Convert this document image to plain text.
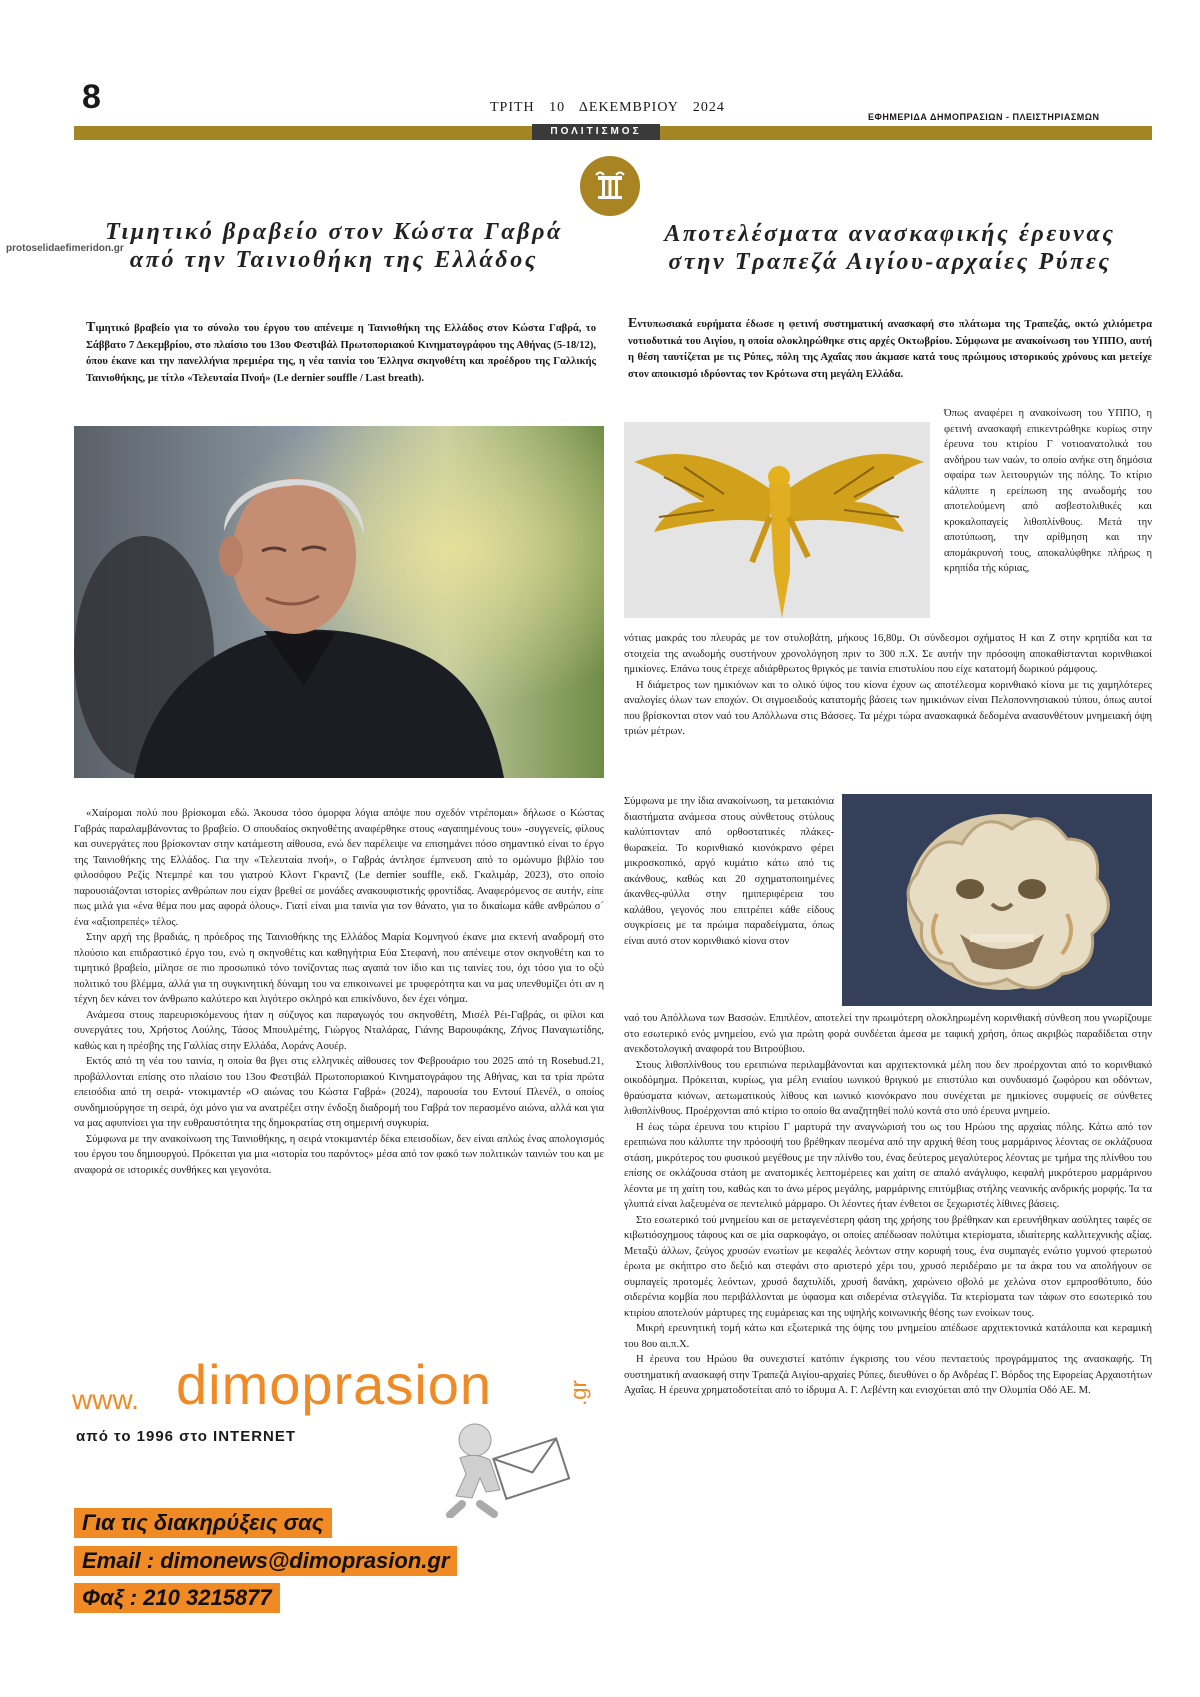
8	ΤΡΙΤΗ 10 ΔΕΚΕΜΒΡΙΟΥ 2024
ΕΦΗΜΕΡΙΔΑ ΔΗΜΟΠΡΑΣΙΩΝ - ΠΛΕΙΣΤΗΡΙΑΣΜΩΝ
ΠΟΛΙΤΙΣΜΟΣ
protoselidaefimeridon.gr
Τιμητικό βραβείο στον Κώστα Γαβρά
από την Ταινιοθήκη της Ελλάδος
Αποτελέσματα ανασκαφικής έρευνας
στην Τραπεζά Αιγίου-αρχαίες Ρύπες
Τιμητικό βραβείο για το σύνολο του έργου του απένειμε η Ταινιοθήκη της Ελλάδος στον Κώστα Γαβρά, το Σάββατο 7 Δεκεμβρίου, στο πλαίσιο του 13ου Φεστιβάλ Πρωτοποριακού Κινηματογράφου της Αθήνας (5-18/12), όπου έκανε και την πανελλήνια πρεμιέρα της, η νέα ταινία του Έλληνα σκηνοθέτη και προέδρου της Γαλλικής Ταινιοθήκης, με τίτλο «Τελευταία Πνοή» (Le dernier souffle / Last breath).

«Χαίρομαι πολύ που βρίσκομαι εδώ. Άκουσα τόσο όμορφα λόγια απόψε που σχεδόν ντρέπομαι» δήλωσε ο Κώστας Γαβράς παραλαμβάνοντας το βραβείο. Ο σπουδαίος σκηνοθέτης αναφέρθηκε στους «αγαπημένους του» -συγγενείς, φίλους και συνεργάτες που βρίσκονταν στην κατάμεστη αίθουσα, ενώ δεν παρέλειψε να επισημάνει πόσο σημαντικό είναι το έργο της Ταινιοθήκης της Ελλάδος. Για την «Τελευταία πνοή», ο Γαβράς άντλησε έμπνευση από το ομώνυμο βιβλίο του φιλοσόφου Ρεζίς Ντεμπρέ και του γιατρού Κλοντ Γκραντζ (Le dernier souffle, εκδ. Γκαλιμάρ, 2023), στο οποίο παρουσιάζονται ιστορίες ανθρώπων που είχαν βρεθεί σε μονάδες ανακουφιστικής φροντίδας. Αναφερόμενος σε αυτήν, είπε πως μιλά για «ένα θέμα που μας αφορά όλους». Γιατί είναι μια ταινία για τον θάνατο, για το δικαίωμα κάθε ανθρώπου σ´ ένα «αξιοπρεπές» τέλος.

Στην αρχή της βραδιάς, η πρόεδρος της Ταινιοθήκης της Ελλάδος Μαρία Κομνηνού έκανε μια εκτενή αναδρομή στο πλούσιο και επιδραστικό έργο του, ενώ η σκηνοθέτις και καθηγήτρια Εύα Στεφανή, που απένειμε στον σκηνοθέτη και το τιμητικό βραβείο, μίλησε σε πιο προσωπικό τόνο τονίζοντας πως αγαπά τον ίδιο και τις ταινίες του, όχι τόσο για το οξύ πολιτικό του βλέμμα, αλλά για τη συγκινητική δύναμη του να επικοινωνεί με τρυφερότητα και να μας υπενθυμίζει ότι αν η τέχνη δεν κάνει τον άνθρωπο καλύτερο και λιγότερο σκληρό και επικίνδυνο, δεν έχει νόημα.

Ανάμεσα στους παρευρισκόμενους ήταν η σύζυγος και παραγωγός του σκηνοθέτη, Μισέλ Ρέι-Γαβράς, οι φίλοι και συνεργάτες του, Χρήστος Λούλης, Τάσος Μπουλμέτης, Γιώργος Νταλάρας, Γιάνης Βαρουφάκης, Ζήνος Παναγιωτίδης, καθώς και η πρέσβης της Γαλλίας στην Ελλάδα, Λοράνς Αουέρ.

Εκτός από τη νέα του ταινία, η οποία θα βγει στις ελληνικές αίθουσες τον Φεβρουάριο του 2025 από τη Rosebud.21, προβάλλονται επίσης στο πλαίσιο του 13ου Φεστιβάλ Πρωτοποριακού Κινηματογράφου της Αθήνας, και τα τρία πρώτα επεισόδια από τη σειρά- ντοκιμαντέρ «Ο αιώνας του Κώστα Γαβρά» (2024), παρουσία του Εντουί Πλενέλ, ο οποίος συνδημιούργησε τη σειρά, όχι μόνο για να ανατρέξει στην ένδοξη διαδρομή του Γαβρά τον περασμένο αιώνα, αλλά και για να μας αφυπνίσει για την ευθραυστότητα της δημοκρατίας στη σημερινή συγκυρία.

Σύμφωνα με την ανακοίνωση της Ταινιοθήκης, η σειρά ντοκιμαντέρ δέκα επεισοδίων, δεν είναι απλώς ένας απολογισμός του έργου του δημιουργού. Πρόκειται για μια «ιστορία του παρόντος» μέσα από τον φακό των πολιτικών ταινιών του και με αναφορά σε ιστορικές συνθήκες και γεγονότα.

www. dimoprasion	.gr
από το 1996 στο INTERNET
Για τις διακηρύξεις σας
Email : dimonews@dimoprasion.gr
Φαξ : 210 3215877
Εντυπωσιακά ευρήματα έδωσε η φετινή συστηματική ανασκαφή στο πλάτωμα της Τραπεζάς, οκτώ χιλιόμετρα νοτιοδυτικά του Αιγίου, η οποία ολοκληρώθηκε στις αρχές Οκτωβρίου. Σύμφωνα με ανακοίνωση του ΥΠΠΟ, αυτή η θέση ταυτίζεται με τις Ρύπες, πόλη της Αχαΐας που άκμασε κατά τους πρώιμους ιστορικούς χρόνους και μετείχε στον αποικισμό ιδρύοντας τον Κρότωνα στη μεγάλη Ελλάδα.
Όπως αναφέρει η ανακοίνωση του ΥΠΠΟ, η φετινή ανασκαφή επικεντρώθηκε κυρίως στην έρευνα του κτιρίου Γ νοτιοανατολικά του ανδήρου των ναών, το οποίο ανήκε στη δημόσια σφαίρα των λειτουργιών της πόλης. Το κτίριο κάλυπτε η ερείπωση της ανωδομής του αποτελούμενη από ασβεστολιθικές και κροκαλοπαγείς λιθοπλίνθους. Μετά την αποτύπωση, την αρίθμηση και την απομάκρυνσή τους, αποκαλύφθηκε πλήρως η κρηπίδα τής κύριας,

νότιας μακράς του πλευράς με τον στυλοβάτη, μήκους 16,80μ. Οι σύνδεσμοι σχήματος Η και Ζ στην κρηπίδα και τα στοιχεία της ανωδομής συστήνουν χρονολόγηση πριν το 300 π.Χ. Σε αυτήν την πρόσοψη αποκαθίστανται κορινθιακοί ημικίονες. Επάνω τους έτρεχε αδιάρθρωτος θριγκός με ταινία επιστυλίου που είχε κατατομή δωρικού ράμφους.

Η διάμετρος των ημικιόνων και το ολικό ύψος του κίονα έχουν ως αποτέλεσμα κορινθιακό κίονα με τις χαμηλότερες αναλογίες όλων των εποχών. Οι σιγμοειδούς κατατομής βάσεις των ημικιόνων είναι Πελοποννησιακού τύπου, όπως αυτοί που βρίσκονται στον ναό του Απόλλωνα στις Βάσσες. Τα μέχρι τώρα ανασκαφικά δεδομένα ανασυνθέτουν μνημειακή όψη τριών μέτρων.

Σύμφωνα με την ίδια ανακοίνωση, τα μετακιόνια διαστήματα ανάμεσα στους σύνθετους στύλους καλύπτονταν από ορθοστατικές πλάκες-θωρακεία. Το κορινθιακό κιονόκρανο φέρει μικροσκοπικό, αργό κυμάτιο κάτω από τις ακάνθους, καθώς και 20 σχηματοποιημένες άκανθες-φύλλα στην ημιπεριφέρεια του καλάθου, γεγονός που επιτρέπει κάθε είδους συγκρίσεις με τα πρώιμα παραδείγματα, όπως είναι αυτό στον κορινθιακό κίονα στον

ναό του Απόλλωνα των Βασσών. Επιπλέον, αποτελεί την πρωιμότερη ολοκληρωμένη κορινθιακή σύνθεση που γνωρίζουμε στο εσωτερικό ενός μνημείου, ενώ για πρώτη φορά συνδέεται άμεσα με ταφική χρήση, όπως ακριβώς παραδίδεται στην ανεκδοτολογική αναφορά του Βιτρούβιου.

Στους λιθοπλίνθους του ερειπιώνα περιλαμβάνονται και αρχιτεκτονικά μέλη που δεν προέρχονται από το κορινθιακό οικοδόμημα. Πρόκειται, κυρίως, για μέλη ενιαίου ιωνικού θριγκού με επιστύλιο και συνδυασμό ζωφόρου και οδόντων, θραύσματα κιόνων, αετωματικούς λίθους και ιωνικό κιονόκρανο που συνέχεται με ημικίονες συμφυείς σε σύνθετες λιθοπλίνθους. Προέρχονται από κτίριο το οποίο θα αναζητηθεί πολύ κοντά στο υπό έρευνα μνημείο.

Η έως τώρα έρευνα του κτιρίου Γ μαρτυρά την αναγνώρισή του ως του Ηρώου της αρχαίας πόλης. Κάτω από τον ερειπιώνα που κάλυπτε την πρόσοψή του βρέθηκαν πεσμένα από την αρχική θέση τους μαρμάρινος λέοντας σε οκλάζουσα στάση, μικρότερος του φυσικού μεγέθους με την πλίνθο του, ένας δεύτερος μεγαλύτερος λέοντας με τμήμα της πλίνθου του επίσης σε οκλάζουσα στάση με ανατομικές λεπτομέρειες και χαίτη σε απαλό ανάγλυφο, κεφαλή μικρότερου μαρμάρινου λέοντα με τη χαίτη του, καθώς και το άνω μέρος μεγάλης, μαρμάρινης επιτύμβιας στήλης νεανικής ανδρικής μορφής. Ία τα γλυπτά είναι λαξευμένα σε πεντελικό μάρμαρο. Οι λέοντες ήταν ένθετοι σε ξεχωριστές λίθινες βάσεις.

Στο εσωτερικό τού μνημείου και σε μεταγενέστερη φάση της χρήσης του βρέθηκαν και ερευνήθηκαν ασύλητες ταφές σε κιβωτιόσχημους τάφους και σε μία σαρκοφάγο, οι οποίες απέδωσαν πολύτιμα κτερίσματα, ιδιαίτερης καλλιτεχνικής αξίας. Μεταξύ άλλων, ζεύγος χρυσών ενωτίων με κεφαλές λεόντων στην κορυφή τους, ένα συμπαγές ενώτιο γυμνού φτερωτού έρωτα με σκήπτρο στο δεξιό και στεφάνι στο αριστερό χέρι του, χρυσό περιδέραιο με τα άκρα του να απολήγουν σε συμπαγείς προτομές λεόντων, χρυσό δαχτυλίδι, χρυσή δανάκη, χαρώνειο οβολό με χελώνα στον εμπροσθότυπο, δύο σιδερένια κομβία που περιβάλλονται με ύφασμα και σιδερένια στλεγγίδα. Τα κτερίσματα των τάφων στο εσωτερικό του κτιρίου αποτελούν μάρτυρες της ευμάρειας και της υψηλής κοινωνικής θέσης των ενοίκων τους.

Μικρή ερευνητική τομή κάτω και εξωτερικά της όψης του μνημείου απέδωσε αρχιτεκτονικά κατάλοιπα και κεραμική του 8ου αι.π.Χ.

Η έρευνα του Ηρώου θα συνεχιστεί κατόπιν έγκρισης του νέου πενταετούς προγράμματος της ανασκαφής. Τη συστηματική ανασκαφή στην Τραπεζά Αιγίου-αρχαίες Ρύπες, διευθύνει ο δρ Ανδρέας Γ. Βόρδος της Εφορείας Αρχαιοτήτων Αχαΐας. Η έρευνα χρηματοδοτείται από το ίδρυμα Α. Γ. Λεβέντη και ενισχύεται από την Ολυμπία Οδό ΑΕ. Μ.
